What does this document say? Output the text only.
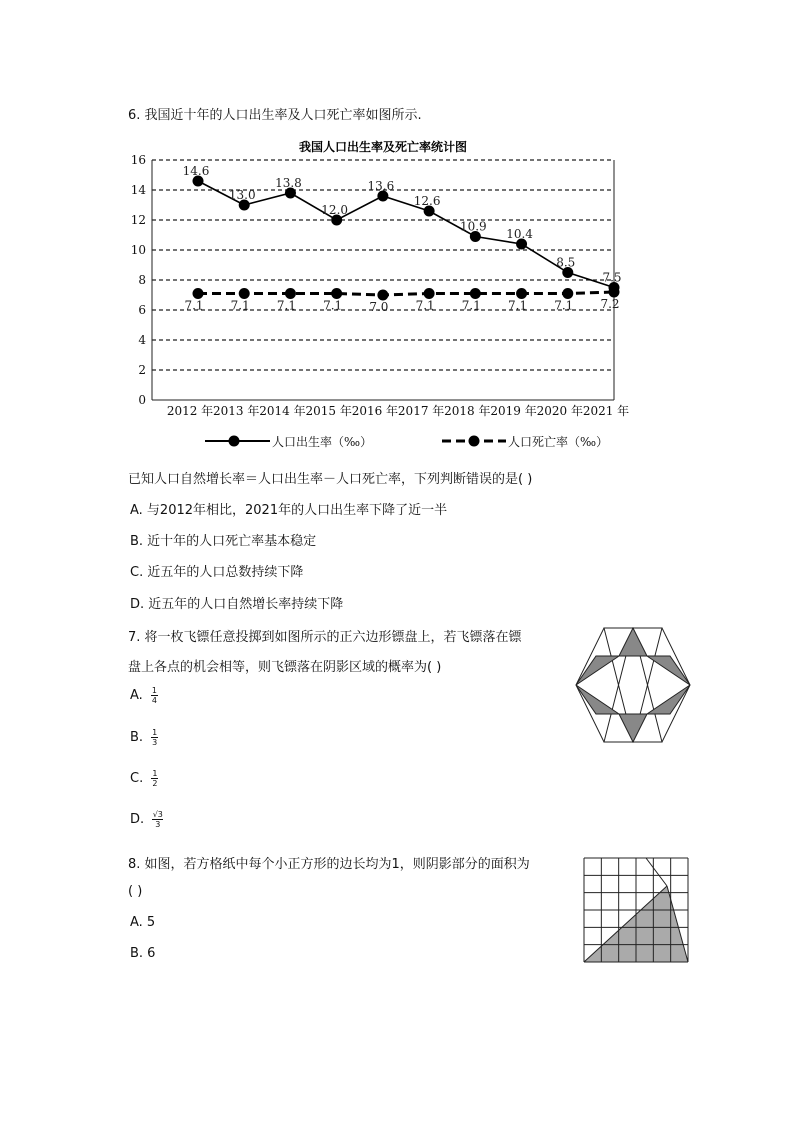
6. 我国近十年的人口出生率及人口死亡率如图所示.
我国人口出生率及死亡率统计图
0
2
4
6
8
10
12
14
16
2012 年 2013 年 2014 年 2015 年 2016 年 2017 年 2018 年 2019 年 2020 年 2021 年
14.6
13.0
13.8
12.0
13.6
12.6
10.9
10.4
8.5
7.5
7.1 7.1 7.1 7.1 7.0 7.1 7.1 7.1 7.1 7.2
人口出生率（‰）	人口死亡率（‰）
已知人口自然增长率＝人口出生率－人口死亡率，下列判断错误的是( )
A. 与2012年相比，2021年的人口出生率下降了近一半
B. 近十年的人口死亡率基本稳定
C. 近五年的人口总数持续下降
D. 近五年的人口自然增长率持续下降
7. 将一枚飞镖任意投掷到如图所示的正六边形镖盘上，若飞镖落在镖
盘上各点的机会相等，则飞镖落在阴影区域的概率为( )
A. $\frac{1}{4}$
B. $\frac{1}{3}$
C. $\frac{1}{2}$
D. $\frac{√3}{3}$
8. 如图，若方格纸中每个小正方形的边长均为1，则阴影部分的面积为
( )
A. 5
B. 6
